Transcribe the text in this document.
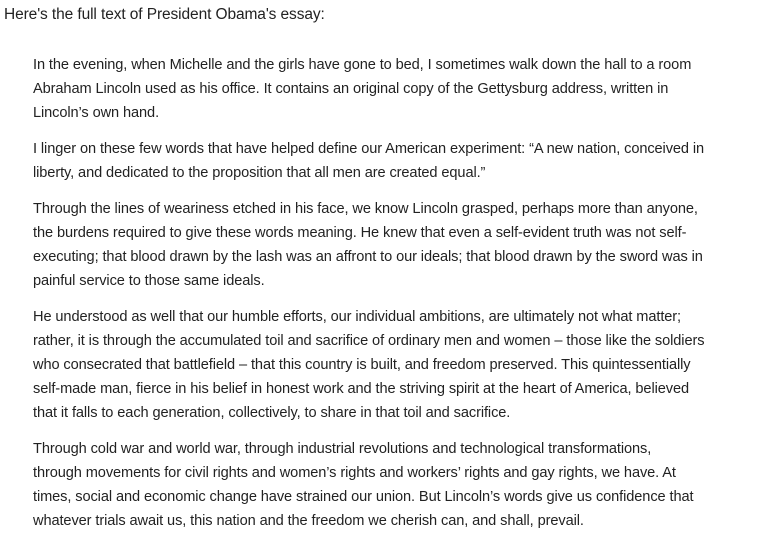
Here's the full text of President Obama's essay:

In the evening, when Michelle and the girls have gone to bed, I sometimes walk down the hall to a room
Abraham Lincoln used as his office. It contains an original copy of the Gettysburg address, written in
Lincoln’s own hand.

I linger on these few words that have helped define our American experiment: “A new nation, conceived in
liberty, and dedicated to the proposition that all men are created equal.”

Through the lines of weariness etched in his face, we know Lincoln grasped, perhaps more than anyone,
the burdens required to give these words meaning. He knew that even a self-evident truth was not self-
executing; that blood drawn by the lash was an affront to our ideals; that blood drawn by the sword was in
painful service to those same ideals.

He understood as well that our humble efforts, our individual ambitions, are ultimately not what matter;
rather, it is through the accumulated toil and sacrifice of ordinary men and women – those like the soldiers
who consecrated that battlefield – that this country is built, and freedom preserved. This quintessentially
self-made man, fierce in his belief in honest work and the striving spirit at the heart of America, believed
that it falls to each generation, collectively, to share in that toil and sacrifice.

Through cold war and world war, through industrial revolutions and technological transformations,
through movements for civil rights and women’s rights and workers’ rights and gay rights, we have. At
times, social and economic change have strained our union. But Lincoln’s words give us confidence that
whatever trials await us, this nation and the freedom we cherish can, and shall, prevail.
